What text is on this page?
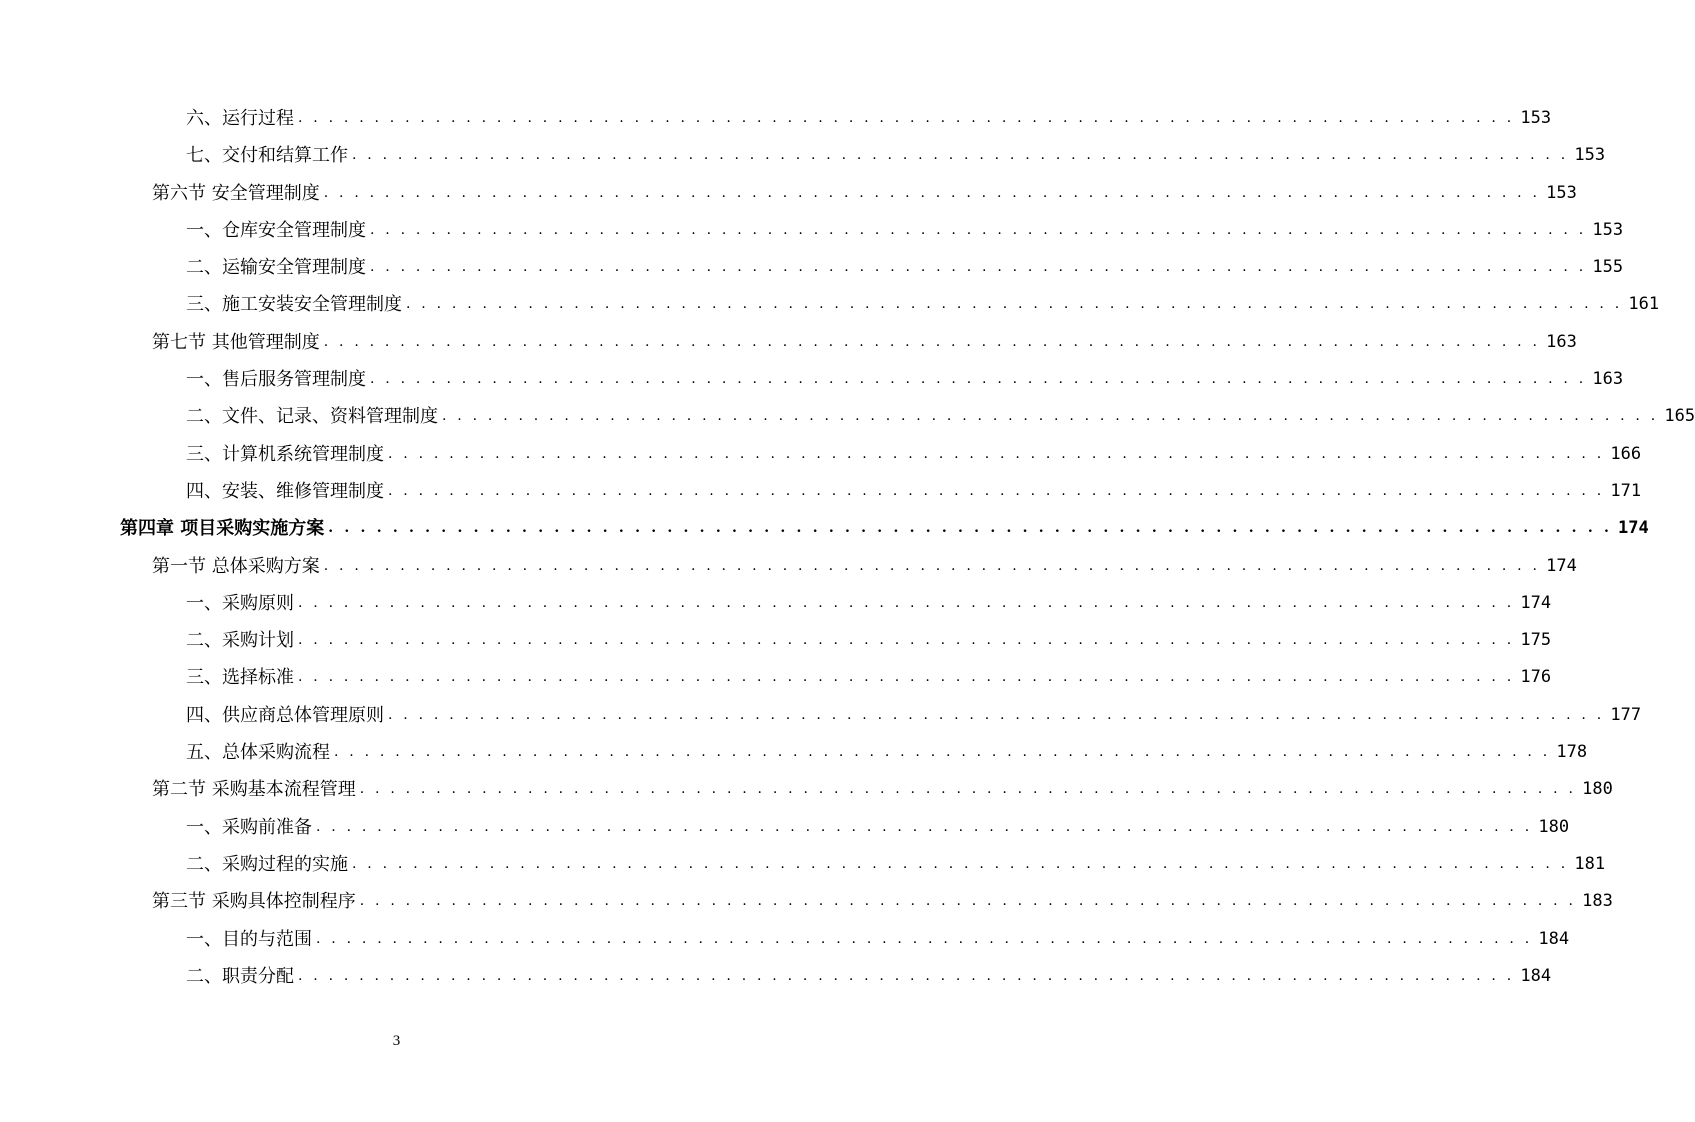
六、运行过程 . . . . . . . . . . . . . . . . . . . . . . . . . . . . . . . . . . . . . . . . . . . . . . . . . . . . . . . . . . . . . . . . . . . . . . . . . . . . . . . . 153
七、交付和结算工作 . . . . . . . . . . . . . . . . . . . . . . . . . . . . . . . . . . . . . . . . . . . . . . . . . . . . . . . . . . . . . . . . . . . . . . . . . . . . . . . . 153
第六节 安全管理制度 . . . . . . . . . . . . . . . . . . . . . . . . . . . . . . . . . . . . . . . . . . . . . . . . . . . . . . . . . . . . . . . . . . . . . . . . . . . . . . . . 153
一、仓库安全管理制度 . . . . . . . . . . . . . . . . . . . . . . . . . . . . . . . . . . . . . . . . . . . . . . . . . . . . . . . . . . . . . . . . . . . . . . . . . . . . . . . . 153
二、运输安全管理制度 . . . . . . . . . . . . . . . . . . . . . . . . . . . . . . . . . . . . . . . . . . . . . . . . . . . . . . . . . . . . . . . . . . . . . . . . . . . . . . . . 155
三、施工安装安全管理制度 . . . . . . . . . . . . . . . . . . . . . . . . . . . . . . . . . . . . . . . . . . . . . . . . . . . . . . . . . . . . . . . . . . . . . . . . . . . . . . . . 161
第七节 其他管理制度 . . . . . . . . . . . . . . . . . . . . . . . . . . . . . . . . . . . . . . . . . . . . . . . . . . . . . . . . . . . . . . . . . . . . . . . . . . . . . . . . 163
一、售后服务管理制度 . . . . . . . . . . . . . . . . . . . . . . . . . . . . . . . . . . . . . . . . . . . . . . . . . . . . . . . . . . . . . . . . . . . . . . . . . . . . . . . . 163
二、文件、记录、资料管理制度 . . . . . . . . . . . . . . . . . . . . . . . . . . . . . . . . . . . . . . . . . . . . . . . . . . . . . . . . . . . . . . . . . . . . . . . . . . . . . . . . 165
三、计算机系统管理制度 . . . . . . . . . . . . . . . . . . . . . . . . . . . . . . . . . . . . . . . . . . . . . . . . . . . . . . . . . . . . . . . . . . . . . . . . . . . . . . . . 166
四、安装、维修管理制度 . . . . . . . . . . . . . . . . . . . . . . . . . . . . . . . . . . . . . . . . . . . . . . . . . . . . . . . . . . . . . . . . . . . . . . . . . . . . . . . . 171
第四章 项目采购实施方案 . . . . . . . . . . . . . . . . . . . . . . . . . . . . . . . . . . . . . . . . . . . . . . . . . . . . . . . . . . . . . . . . . . . . . . . . . . . . . . . . 174
第一节 总体采购方案 . . . . . . . . . . . . . . . . . . . . . . . . . . . . . . . . . . . . . . . . . . . . . . . . . . . . . . . . . . . . . . . . . . . . . . . . . . . . . . . . 174
一、采购原则 . . . . . . . . . . . . . . . . . . . . . . . . . . . . . . . . . . . . . . . . . . . . . . . . . . . . . . . . . . . . . . . . . . . . . . . . . . . . . . . . 174
二、采购计划 . . . . . . . . . . . . . . . . . . . . . . . . . . . . . . . . . . . . . . . . . . . . . . . . . . . . . . . . . . . . . . . . . . . . . . . . . . . . . . . . 175
三、选择标准 . . . . . . . . . . . . . . . . . . . . . . . . . . . . . . . . . . . . . . . . . . . . . . . . . . . . . . . . . . . . . . . . . . . . . . . . . . . . . . . . 176
四、供应商总体管理原则 . . . . . . . . . . . . . . . . . . . . . . . . . . . . . . . . . . . . . . . . . . . . . . . . . . . . . . . . . . . . . . . . . . . . . . . . . . . . . . . . 177
五、总体采购流程 . . . . . . . . . . . . . . . . . . . . . . . . . . . . . . . . . . . . . . . . . . . . . . . . . . . . . . . . . . . . . . . . . . . . . . . . . . . . . . . . 178
第二节 采购基本流程管理 . . . . . . . . . . . . . . . . . . . . . . . . . . . . . . . . . . . . . . . . . . . . . . . . . . . . . . . . . . . . . . . . . . . . . . . . . . . . . . . . 180
一、采购前准备 . . . . . . . . . . . . . . . . . . . . . . . . . . . . . . . . . . . . . . . . . . . . . . . . . . . . . . . . . . . . . . . . . . . . . . . . . . . . . . . . 180
二、采购过程的实施 . . . . . . . . . . . . . . . . . . . . . . . . . . . . . . . . . . . . . . . . . . . . . . . . . . . . . . . . . . . . . . . . . . . . . . . . . . . . . . . . 181
第三节 采购具体控制程序 . . . . . . . . . . . . . . . . . . . . . . . . . . . . . . . . . . . . . . . . . . . . . . . . . . . . . . . . . . . . . . . . . . . . . . . . . . . . . . . . 183
一、目的与范围 . . . . . . . . . . . . . . . . . . . . . . . . . . . . . . . . . . . . . . . . . . . . . . . . . . . . . . . . . . . . . . . . . . . . . . . . . . . . . . . . 184
二、职责分配 . . . . . . . . . . . . . . . . . . . . . . . . . . . . . . . . . . . . . . . . . . . . . . . . . . . . . . . . . . . . . . . . . . . . . . . . . . . . . . . . 184
3
